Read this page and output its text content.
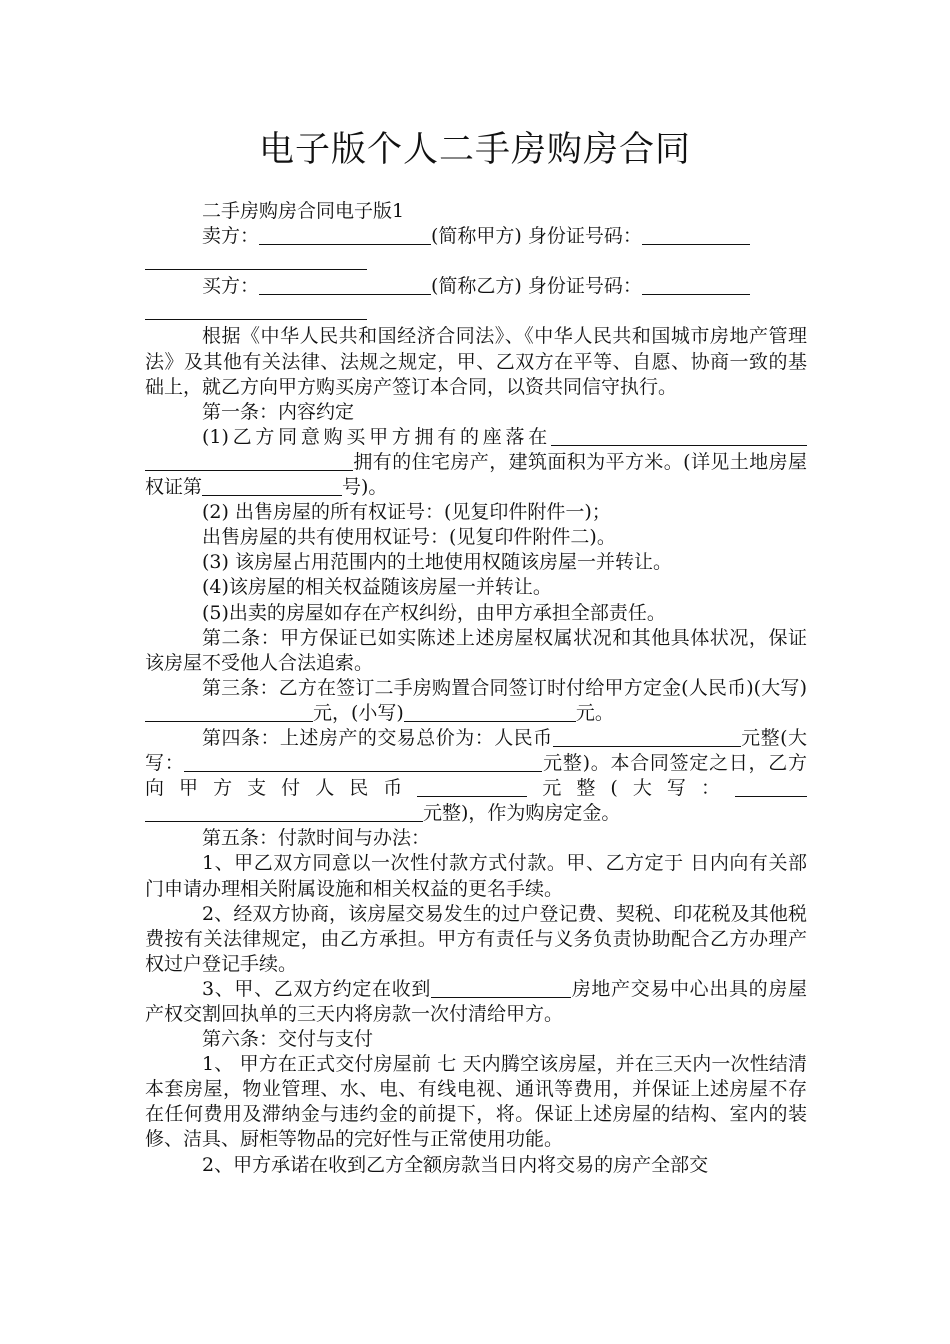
电子版个人二手房购房合同

二手房购房合同电子版1

卖方：	(简称甲方) 身份证号码：

买方：	(简称乙方) 身份证号码：

根据《中华人民共和国经济合同法》、《中华人民共和国城市房地产管理法》及其他有关法律、法规之规定，甲、乙双方在平等、自愿、协商一致的基础上，就乙方向甲方购买房产签订本合同，以资共同信守执行。

第一条：内容约定

(1)乙方同意购买甲方拥有的座落在拥有的住宅房产，建筑面积为平方米。(详见土地房屋权证第	号)。

(2) 出售房屋的所有权证号：(见复印件附件一)；

出售房屋的共有使用权证号：(见复印件附件二)。

(3) 该房屋占用范围内的土地使用权随该房屋一并转让。

(4)该房屋的相关权益随该房屋一并转让。

(5)出卖的房屋如存在产权纠纷，由甲方承担全部责任。

第二条：甲方保证已如实陈述上述房屋权属状况和其他具体状况，保证该房屋不受他人合法追索。

第三条：乙方在签订二手房购置合同签订时付给甲方定金(人民币)(大写)元，(小写)	元。

第四条：上述房产的交易总价为：人民币	元整(大写：	元整)。本合同签定之日，乙方向甲方支付人民币	元整(大写：元整)，作为购房定金。

第五条：付款时间与办法：

1、甲乙双方同意以一次性付款方式付款。甲、乙方定于 日内向有关部门申请办理相关附属设施和相关权益的更名手续。

2、经双方协商，该房屋交易发生的过户登记费、契税、印花税及其他税费按有关法律规定，由乙方承担。甲方有责任与义务负责协助配合乙方办理产权过户登记手续。

3、甲、乙双方约定在收到	房地产交易中心出具的房屋产权交割回执单的三天内将房款一次付清给甲方。

第六条：交付与支付

1、 甲方在正式交付房屋前 七 天内腾空该房屋，并在三天内一次性结清本套房屋，物业管理、水、电、有线电视、通讯等费用，并保证上述房屋不存在任何费用及滞纳金与违约金的前提下，将。保证上述房屋的结构、室内的装修、洁具、厨柜等物品的完好性与正常使用功能。

2、甲方承诺在收到乙方全额房款当日内将交易的房产全部交
